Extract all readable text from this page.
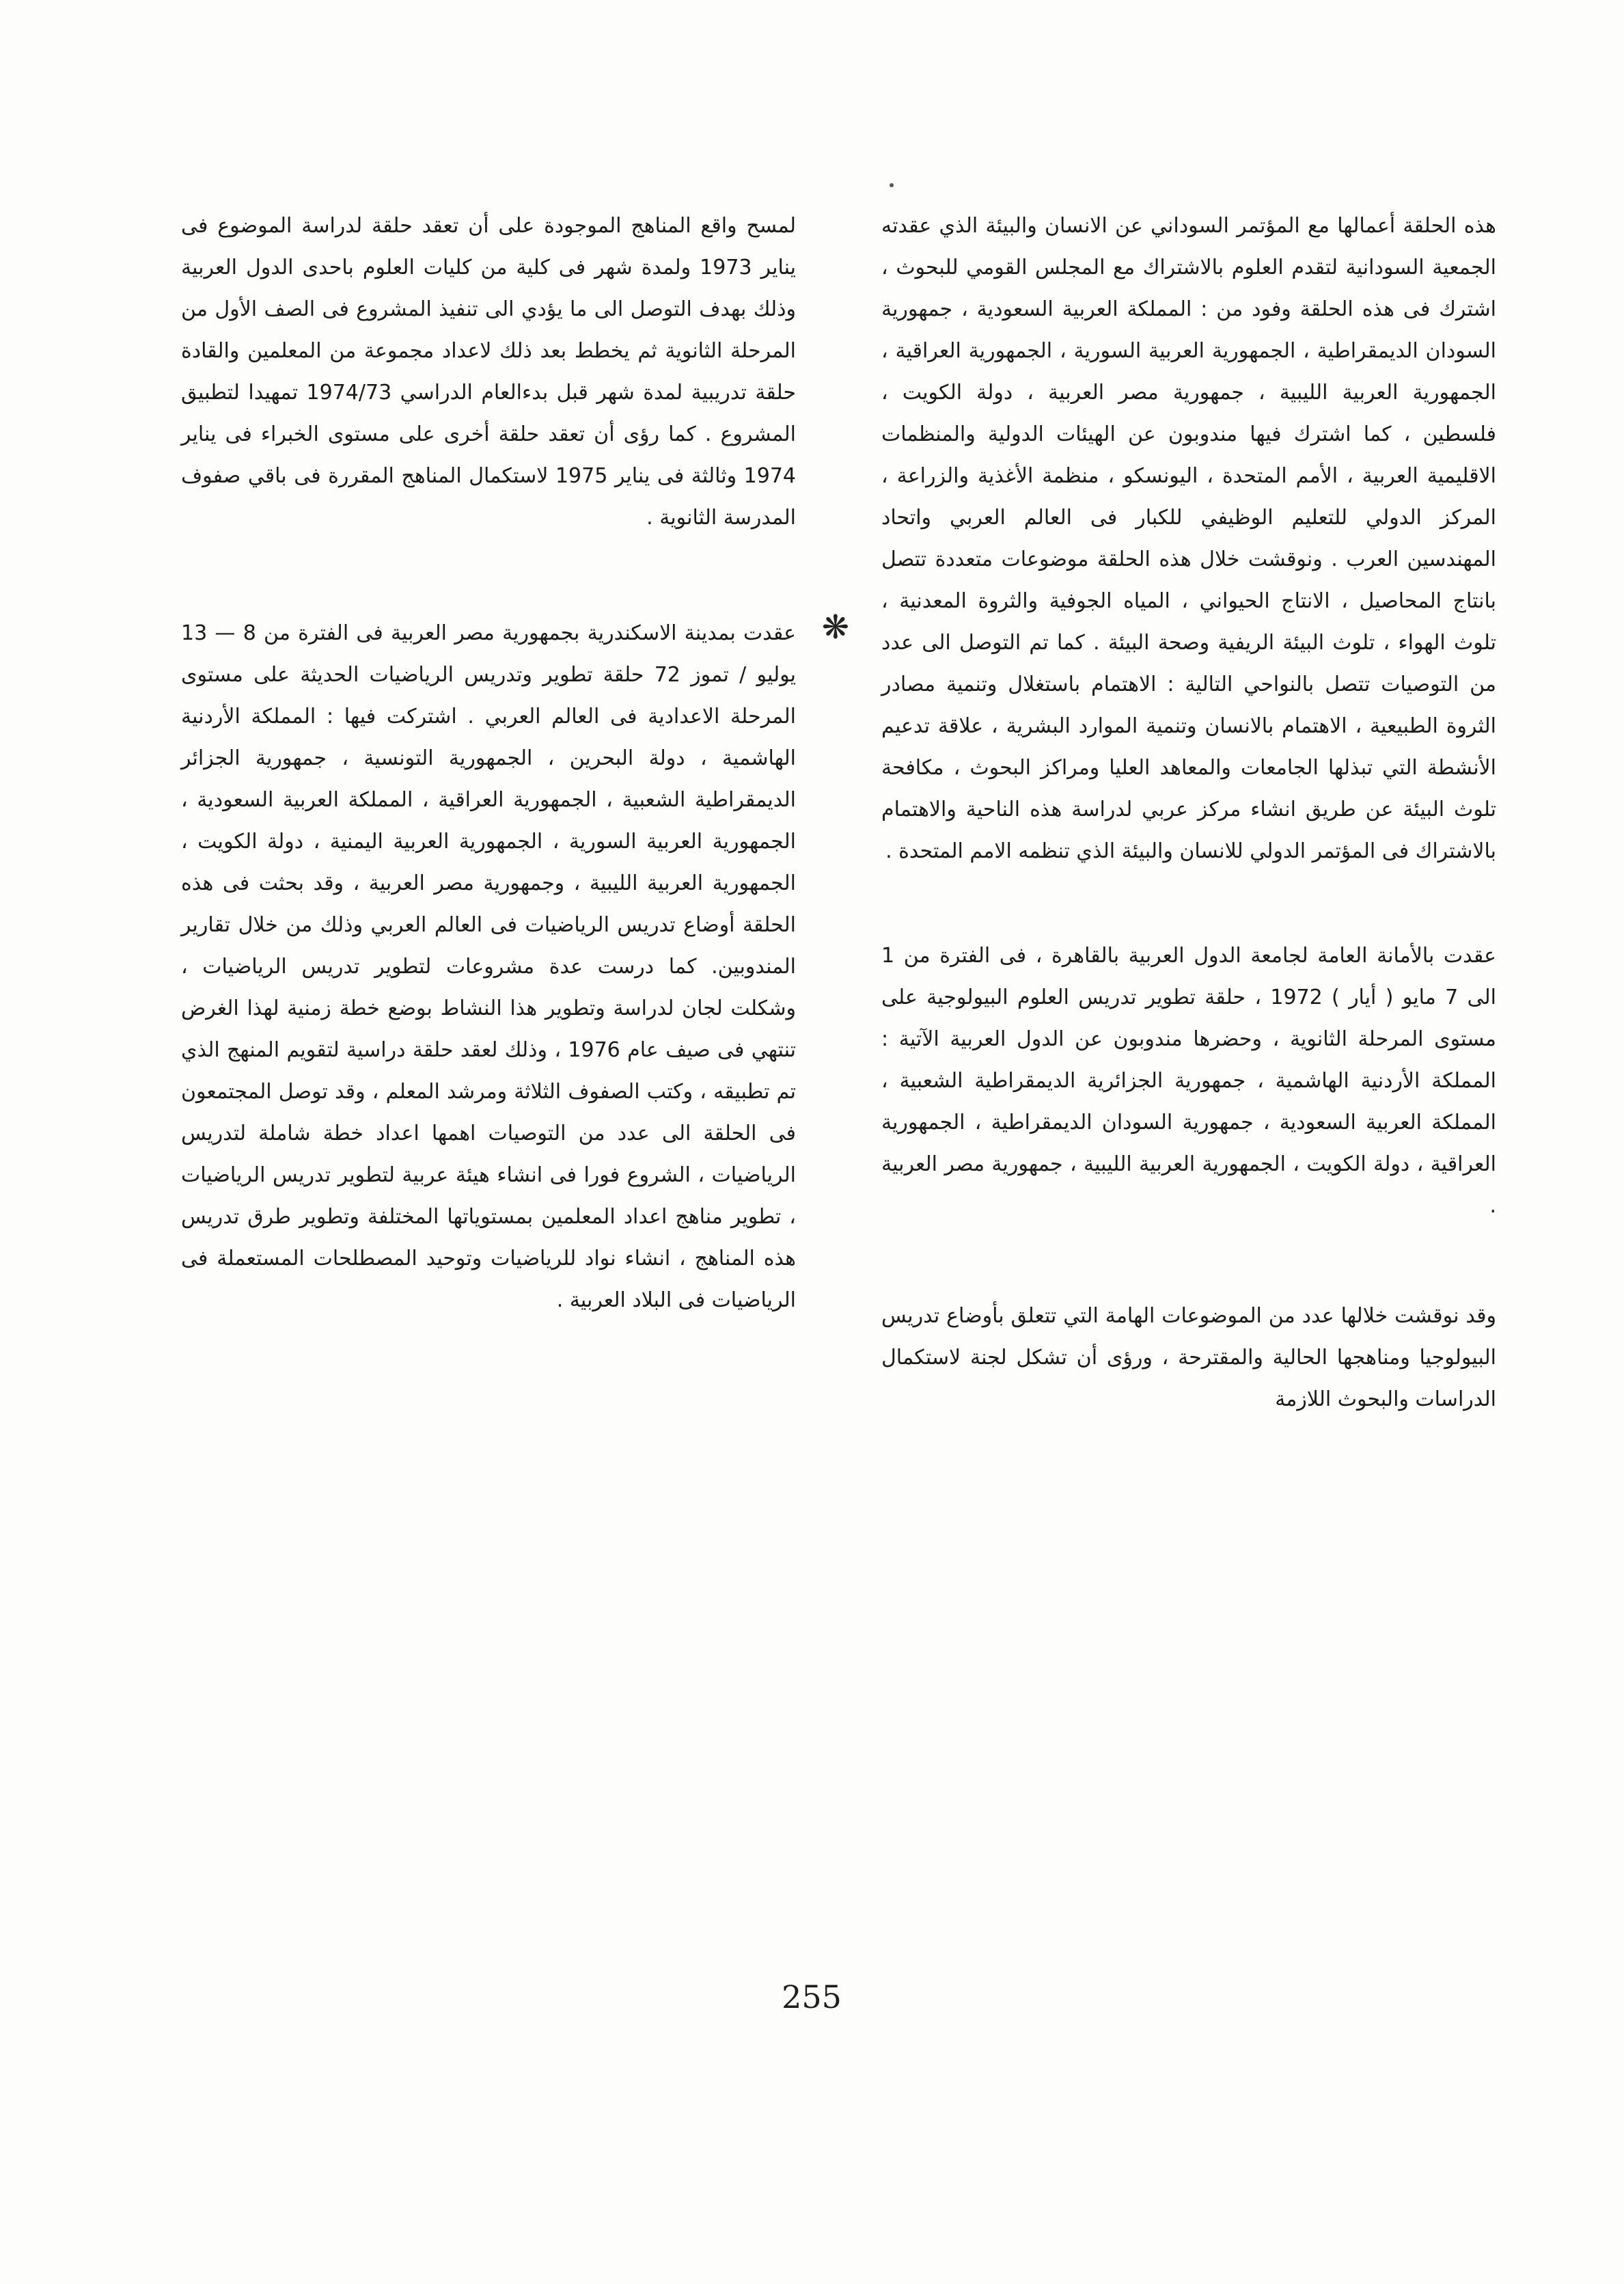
هذه الحلقة أعمالها مع المؤتمر السوداني عن الانسان والبيئة الذي عقدته الجمعية السودانية لتقدم العلوم بالاشتراك مع المجلس القومي للبحوث ، اشترك فى هذه الحلقة وفود من : المملكة العربية السعودية ، جمهورية السودان الديمقراطية ، الجمهورية العربية السورية ، الجمهورية العراقية ، الجمهورية العربية الليبية ، جمهورية مصر العربية ، دولة الكويت ، فلسطين ، كما اشترك فيها مندوبون عن الهيئات الدولية والمنظمات الاقليمية العربية ، الأمم المتحدة ، اليونسكو ، منظمة الأغذية والزراعة ، المركز الدولي للتعليم الوظيفي للكبار فى العالم العربي واتحاد المهندسين العرب . ونوقشت خلال هذه الحلقة موضوعات متعددة تتصل بانتاج المحاصيل ، الانتاج الحيواني ، المياه الجوفية والثروة المعدنية ، تلوث الهواء ، تلوث البيئة الريفية وصحة البيئة . كما تم التوصل الى عدد من التوصيات تتصل بالنواحي التالية : الاهتمام باستغلال وتنمية مصادر الثروة الطبيعية ، الاهتمام بالانسان وتنمية الموارد البشرية ، علاقة تدعيم الأنشطة التي تبذلها الجامعات والمعاهد العليا ومراكز البحوث ، مكافحة تلوث البيئة عن طريق انشاء مركز عربي لدراسة هذه الناحية والاهتمام بالاشتراك فى المؤتمر الدولي للانسان والبيئة الذي تنظمه الامم المتحدة .

عقدت بالأمانة العامة لجامعة الدول العربية بالقاهرة ، فى الفترة من 1 الى 7 مايو ( أيار ) 1972 ، حلقة تطوير تدريس العلوم البيولوجية على مستوى المرحلة الثانوية ، وحضرها مندوبون عن الدول العربية الآتية : المملكة الأردنية الهاشمية ، جمهورية الجزائرية الديمقراطية الشعبية ، المملكة العربية السعودية ، جمهورية السودان الديمقراطية ، الجمهورية العراقية ، دولة الكويت ، الجمهورية العربية الليبية ، جمهورية مصر العربية .

وقد نوقشت خلالها عدد من الموضوعات الهامة التي تتعلق بأوضاع تدريس البيولوجيا ومناهجها الحالية والمقترحة ، ورؤى أن تشكل لجنة لاستكمال الدراسات والبحوث اللازمة

لمسح واقع المناهج الموجودة على أن تعقد حلقة لدراسة الموضوع فى يناير 1973 ولمدة شهر فى كلية من كليات العلوم باحدى الدول العربية وذلك بهدف التوصل الى ما يؤدي الى تنفيذ المشروع فى الصف الأول من المرحلة الثانوية ثم يخطط بعد ذلك لاعداد مجموعة من المعلمين والقادة حلقة تدريبية لمدة شهر قبل بدءالعام الدراسي 1974/73 تمهيدا لتطبيق المشروع . كما رؤى أن تعقد حلقة أخرى على مستوى الخبراء فى يناير 1974 وثالثة فى يناير 1975 لاستكمال المناهج المقررة فى باقي صفوف المدرسة الثانوية .

❋

عقدت بمدينة الاسكندرية بجمهورية مصر العربية فى الفترة من 8 — 13 يوليو / تموز 72 حلقة تطوير وتدريس الرياضيات الحديثة على مستوى المرحلة الاعدادية فى العالم العربي . اشتركت فيها : المملكة الأردنية الهاشمية ، دولة البحرين ، الجمهورية التونسية ، جمهورية الجزائر الديمقراطية الشعبية ، الجمهورية العراقية ، المملكة العربية السعودية ، الجمهورية العربية السورية ، الجمهورية العربية اليمنية ، دولة الكويت ، الجمهورية العربية الليبية ، وجمهورية مصر العربية ، وقد بحثت فى هذه الحلقة أوضاع تدريس الرياضيات فى العالم العربي وذلك من خلال تقارير المندوبين. كما درست عدة مشروعات لتطوير تدريس الرياضيات ، وشكلت لجان لدراسة وتطوير هذا النشاط بوضع خطة زمنية لهذا الغرض تنتهي فى صيف عام 1976 ، وذلك لعقد حلقة دراسية لتقويم المنهج الذي تم تطبيقه ، وكتب الصفوف الثلاثة ومرشد المعلم ، وقد توصل المجتمعون فى الحلقة الى عدد من التوصيات اهمها اعداد خطة شاملة لتدريس الرياضيات ، الشروع فورا فى انشاء هيئة عربية لتطوير تدريس الرياضيات ، تطوير مناهج اعداد المعلمين بمستوياتها المختلفة وتطوير طرق تدريس هذه المناهج ، انشاء نواد للرياضيات وتوحيد المصطلحات المستعملة فى الرياضيات فى البلاد العربية .

255
